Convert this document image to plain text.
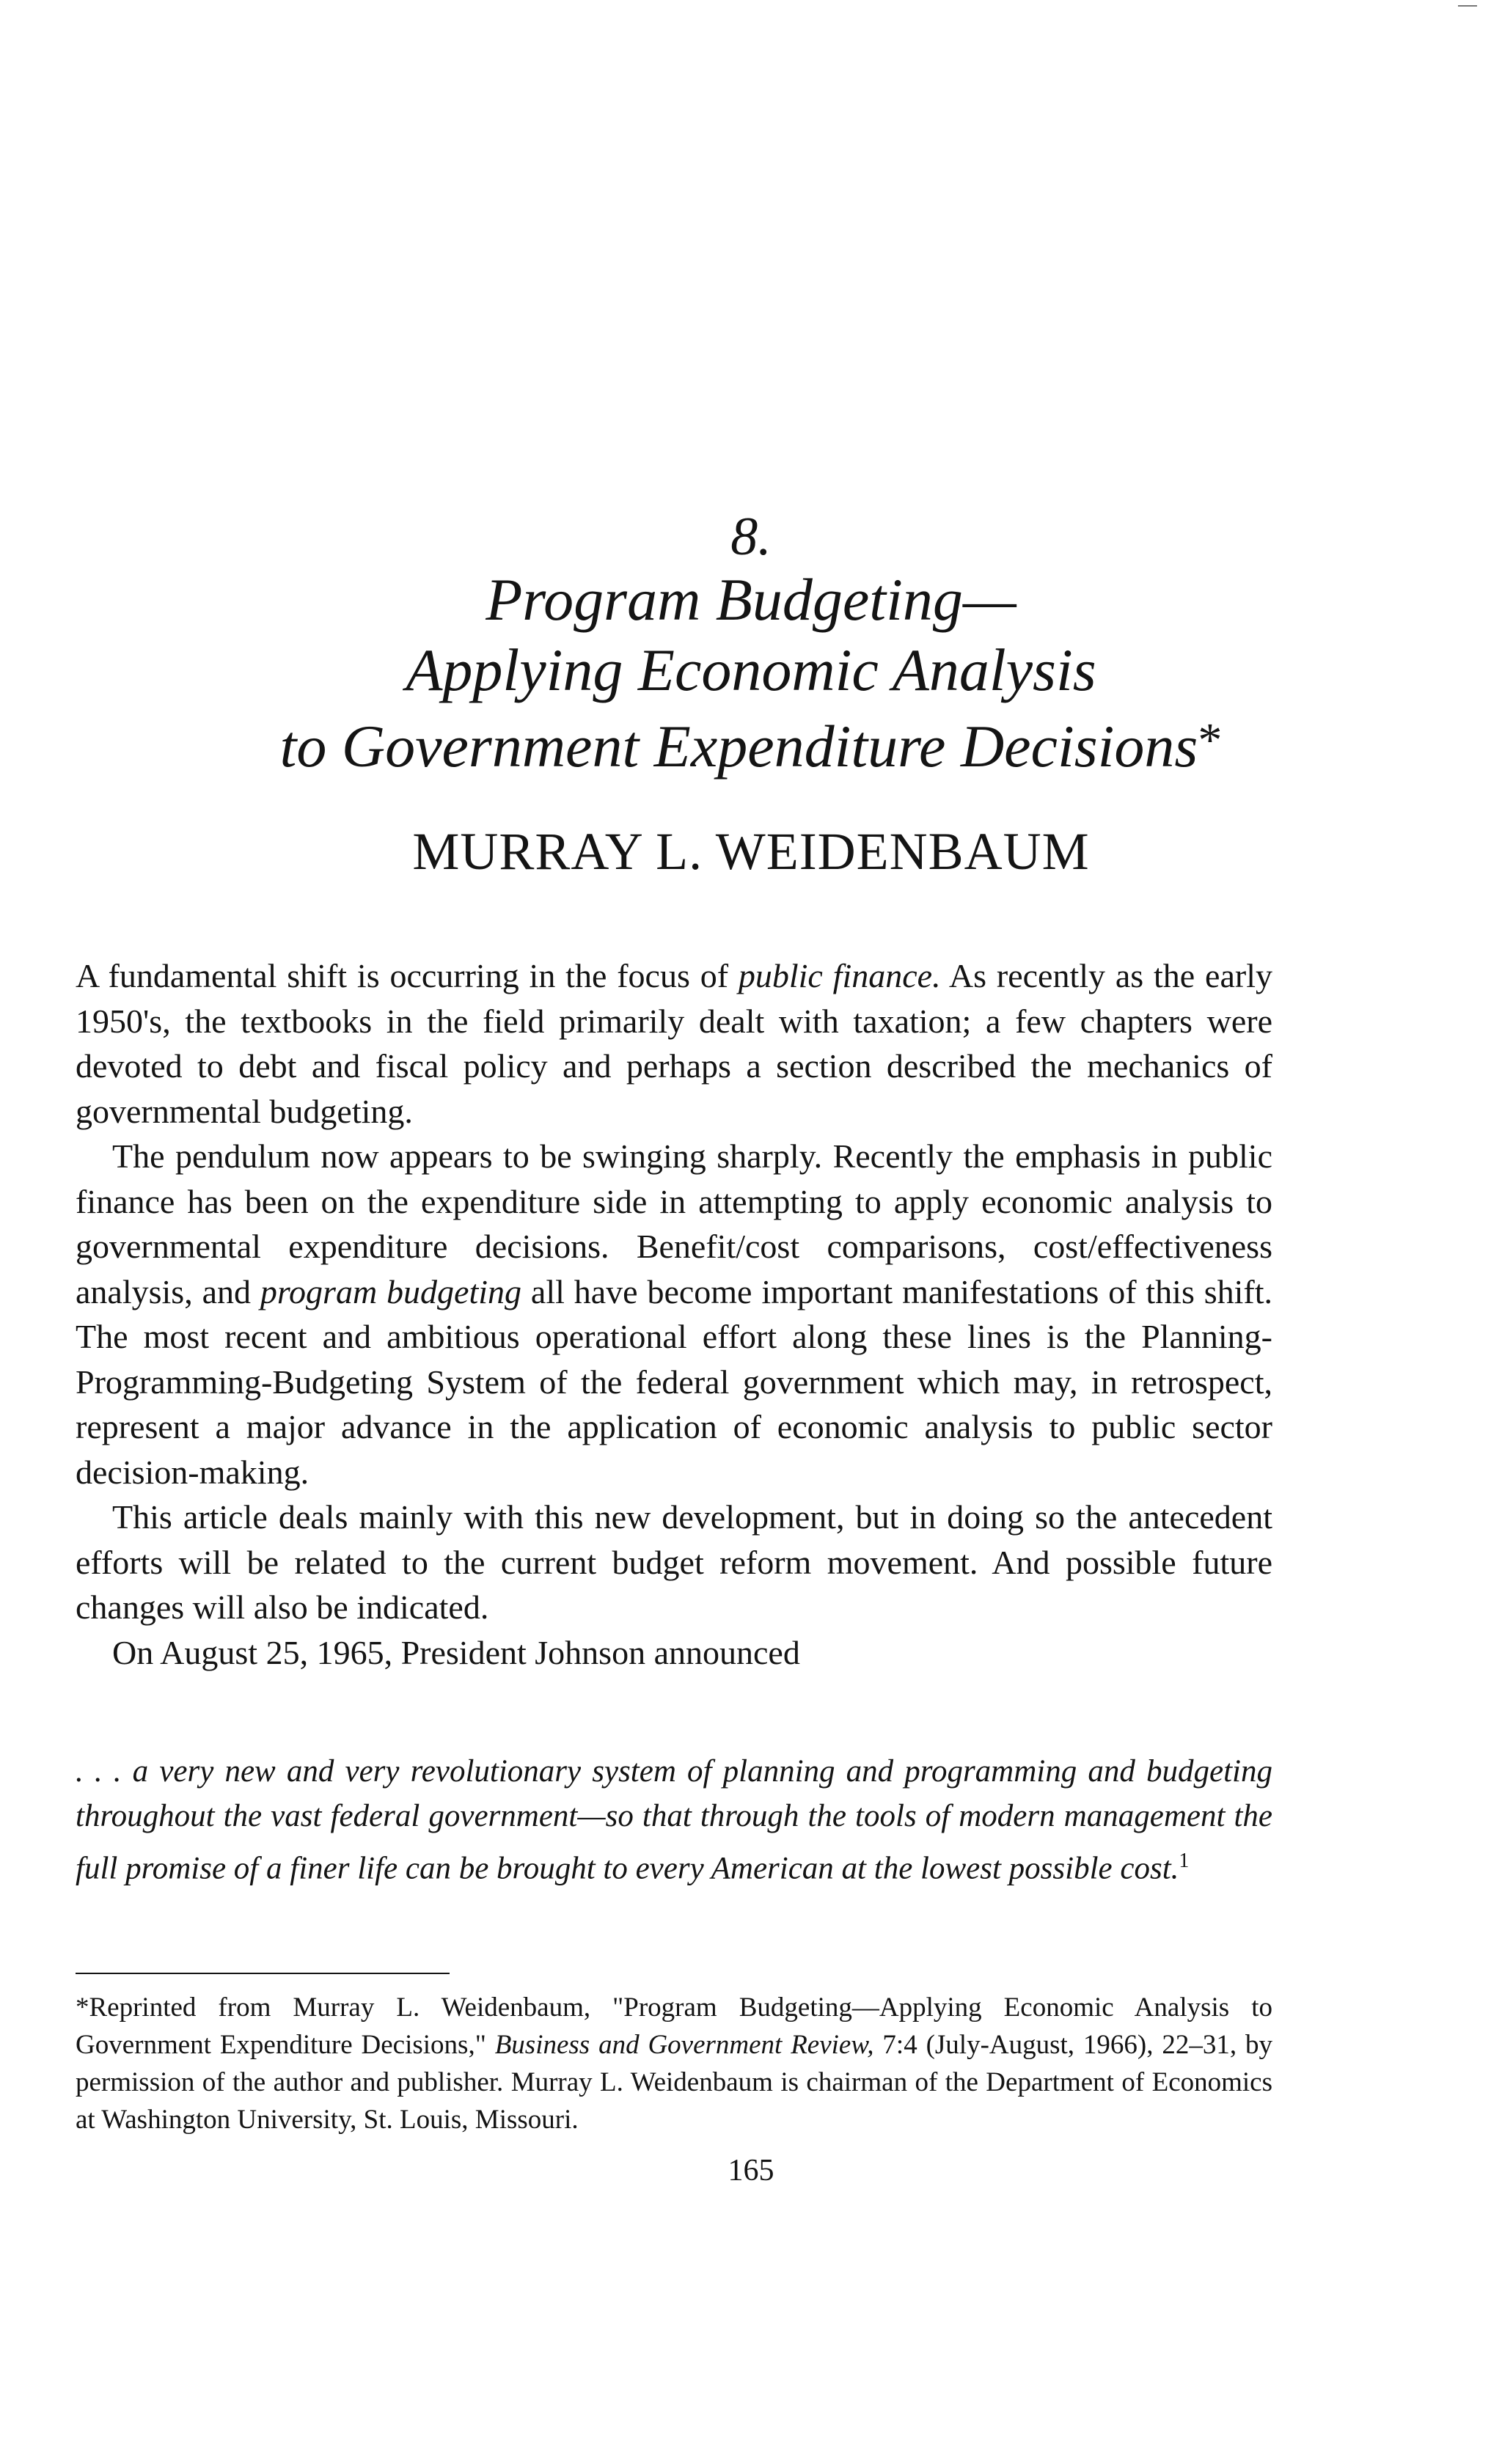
8.
Program Budgeting—
Applying Economic Analysis
to Government Expenditure Decisions*
MURRAY L. WEIDENBAUM

A fundamental shift is occurring in the focus of public finance. As recently as the early 1950's, the textbooks in the field primarily dealt with taxation; a few chapters were devoted to debt and fiscal policy and perhaps a section described the mechanics of governmental budgeting.

The pendulum now appears to be swinging sharply. Recently the emphasis in public finance has been on the expenditure side in attempting to apply economic analysis to governmental expenditure decisions. Benefit/cost comparisons, cost/effectiveness analysis, and program budgeting all have become important manifestations of this shift. The most recent and ambitious operational effort along these lines is the Planning-Programming-Budgeting System of the federal government which may, in retrospect, represent a major advance in the application of economic analysis to public sector decision-making.

This article deals mainly with this new development, but in doing so the antecedent efforts will be related to the current budget reform movement. And possible future changes will also be indicated.

On August 25, 1965, President Johnson announced

. . . a very new and very revolutionary system of planning and programming and budgeting throughout the vast federal government—so that through the tools of modern management the full promise of a finer life can be brought to every American at the lowest possible cost.$^1$
*Reprinted from Murray L. Weidenbaum, "Program Budgeting—Applying Economic Analysis to Government Expenditure Decisions," Business and Government Review, 7:4 (July-August, 1966), 22–31, by permission of the author and publisher. Murray L. Weidenbaum is chairman of the Department of Economics at Washington University, St. Louis, Missouri.
165
